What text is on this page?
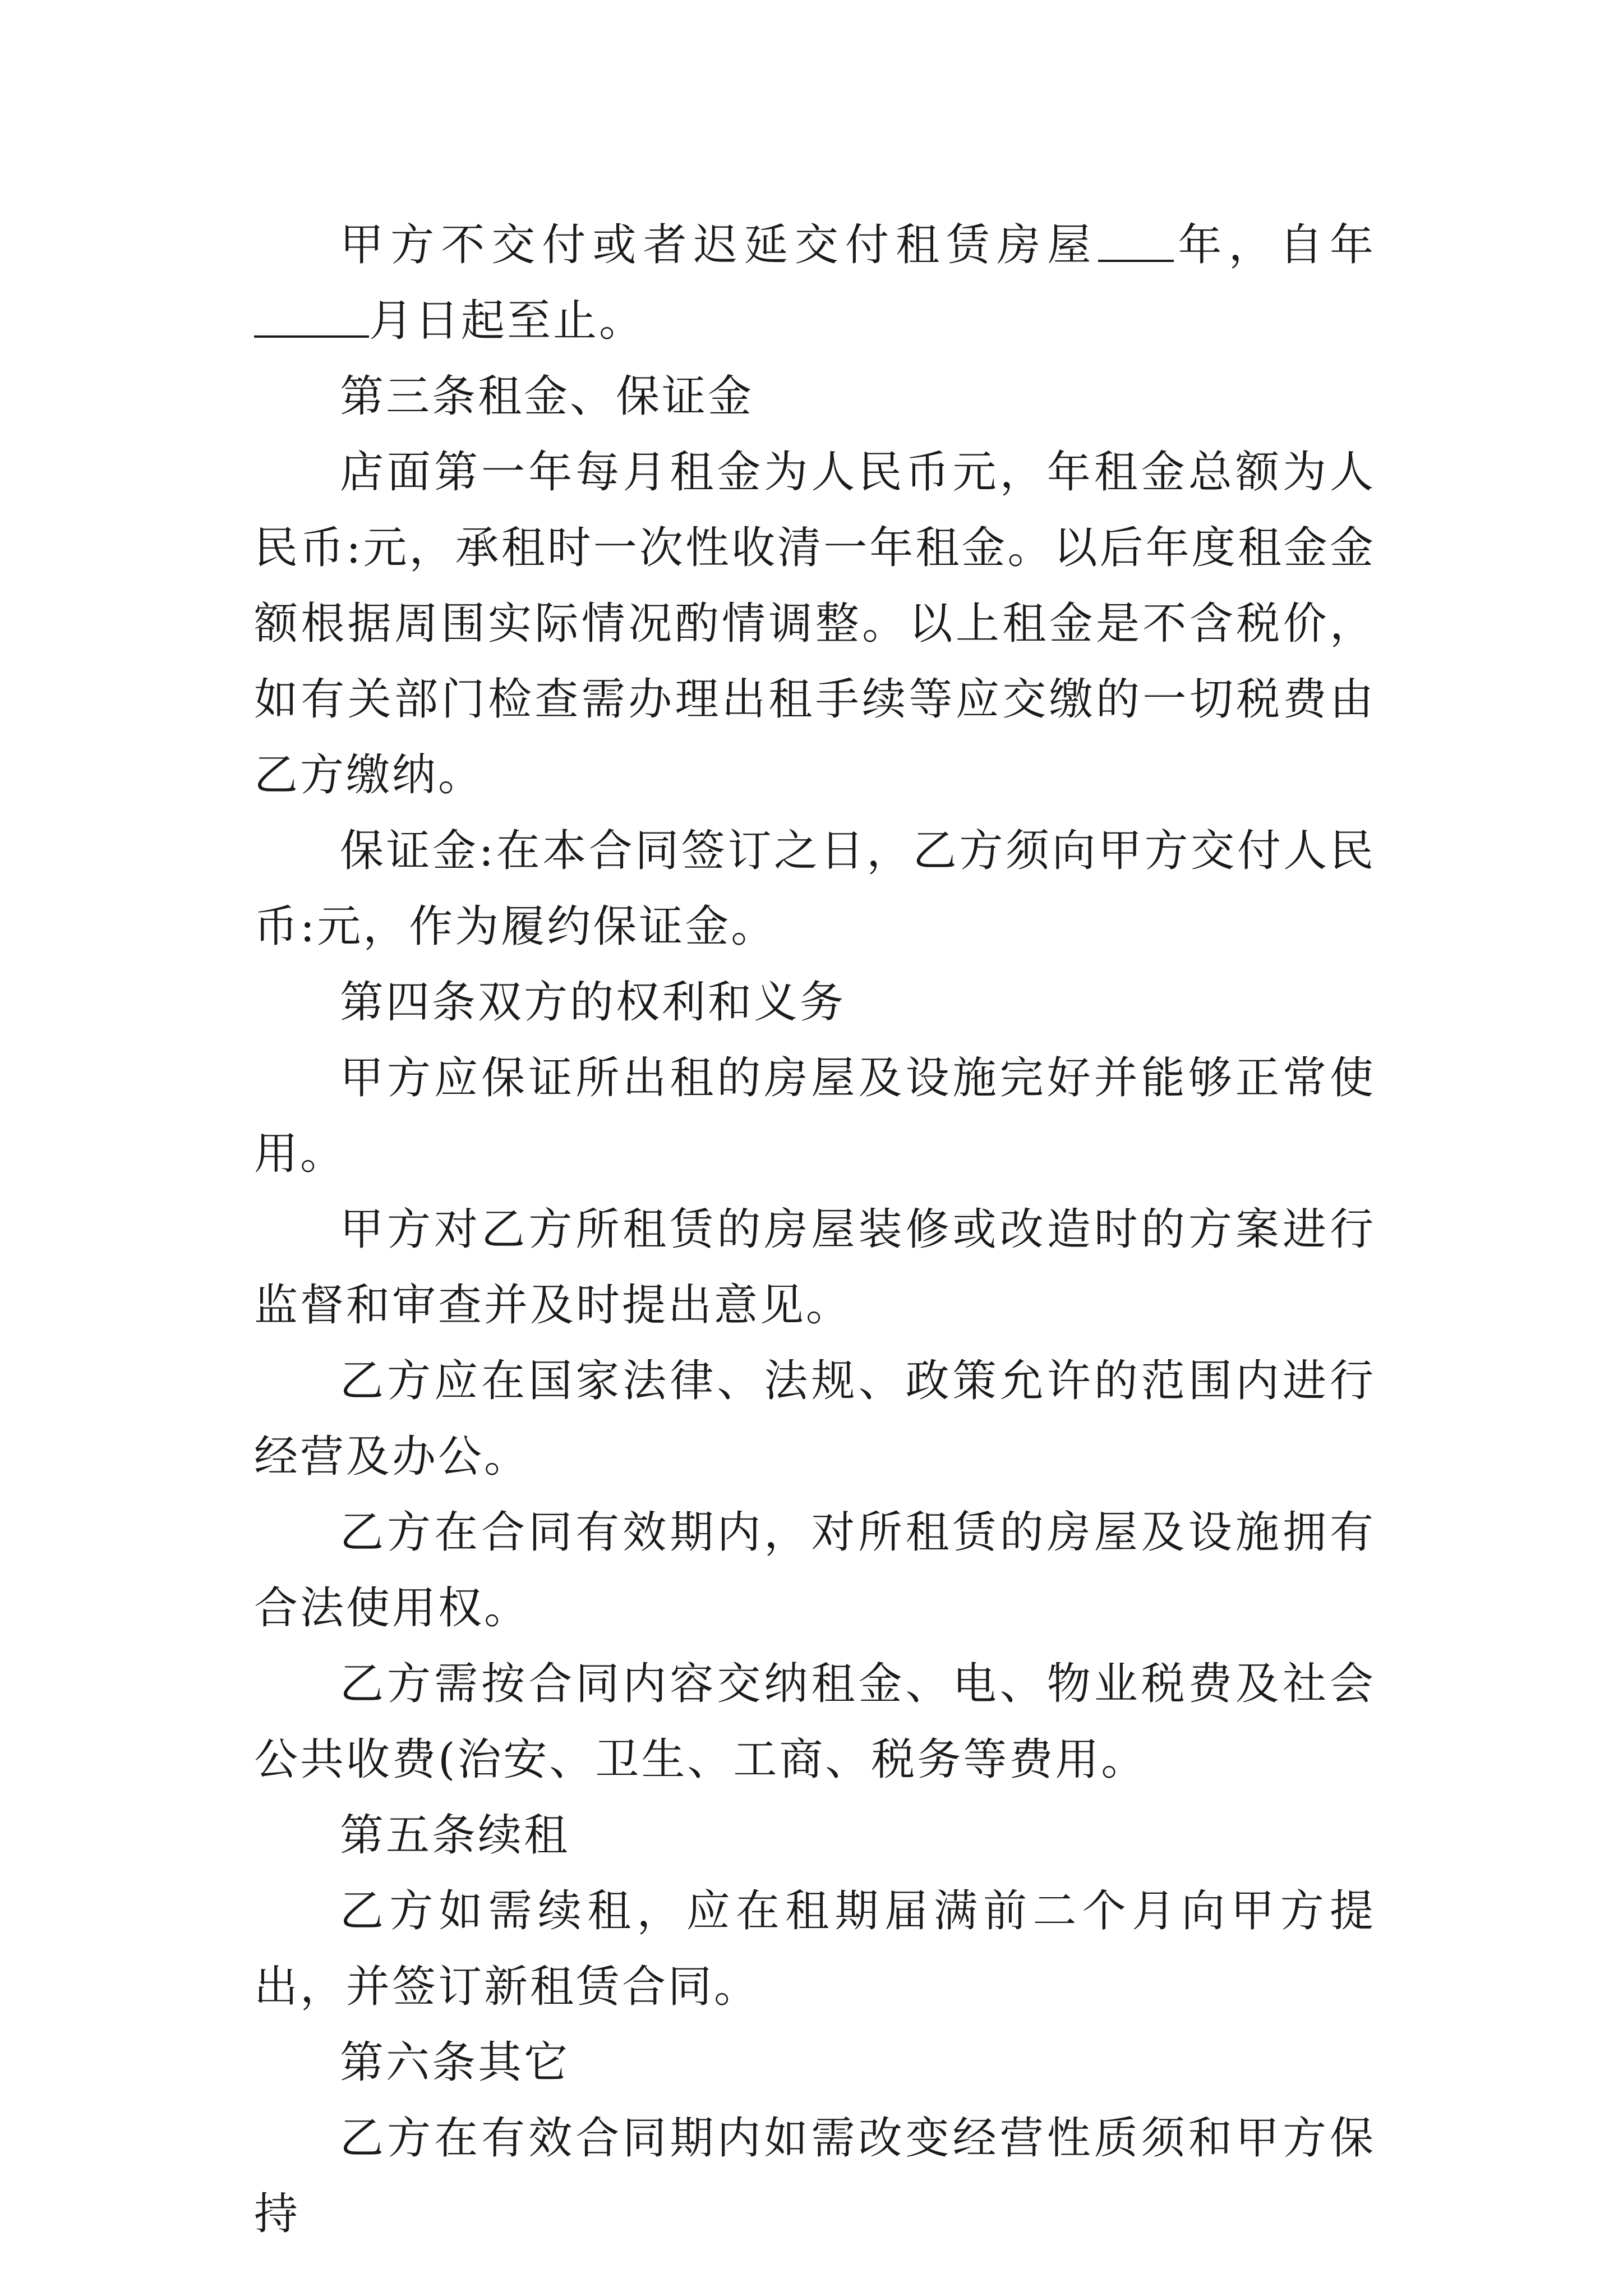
甲方不交付或者迟延交付租赁房屋 年，自年月日起至止。

第三条租金、保证金

店面第一年每月租金为人民币元，年租金总额为人民币:元，承租时一次性收清一年租金。以后年度租金金额根据周围实际情况酌情调整。以上租金是不含税价，如有关部门检查需办理出租手续等应交缴的一切税费由乙方缴纳。

保证金:在本合同签订之日，乙方须向甲方交付人民币:元，作为履约保证金。

第四条双方的权利和义务

甲方应保证所出租的房屋及设施完好并能够正常使用。

甲方对乙方所租赁的房屋装修或改造时的方案进行监督和审查并及时提出意见。

乙方应在国家法律、法规、政策允许的范围内进行经营及办公。

乙方在合同有效期内，对所租赁的房屋及设施拥有合法使用权。

乙方需按合同内容交纳租金、电、物业税费及社会公共收费(治安、卫生、工商、税务等费用。

第五条续租

乙方如需续租，应在租期届满前二个月向甲方提出，并签订新租赁合同。

第六条其它

乙方在有效合同期内如需改变经营性质须和甲方保持
